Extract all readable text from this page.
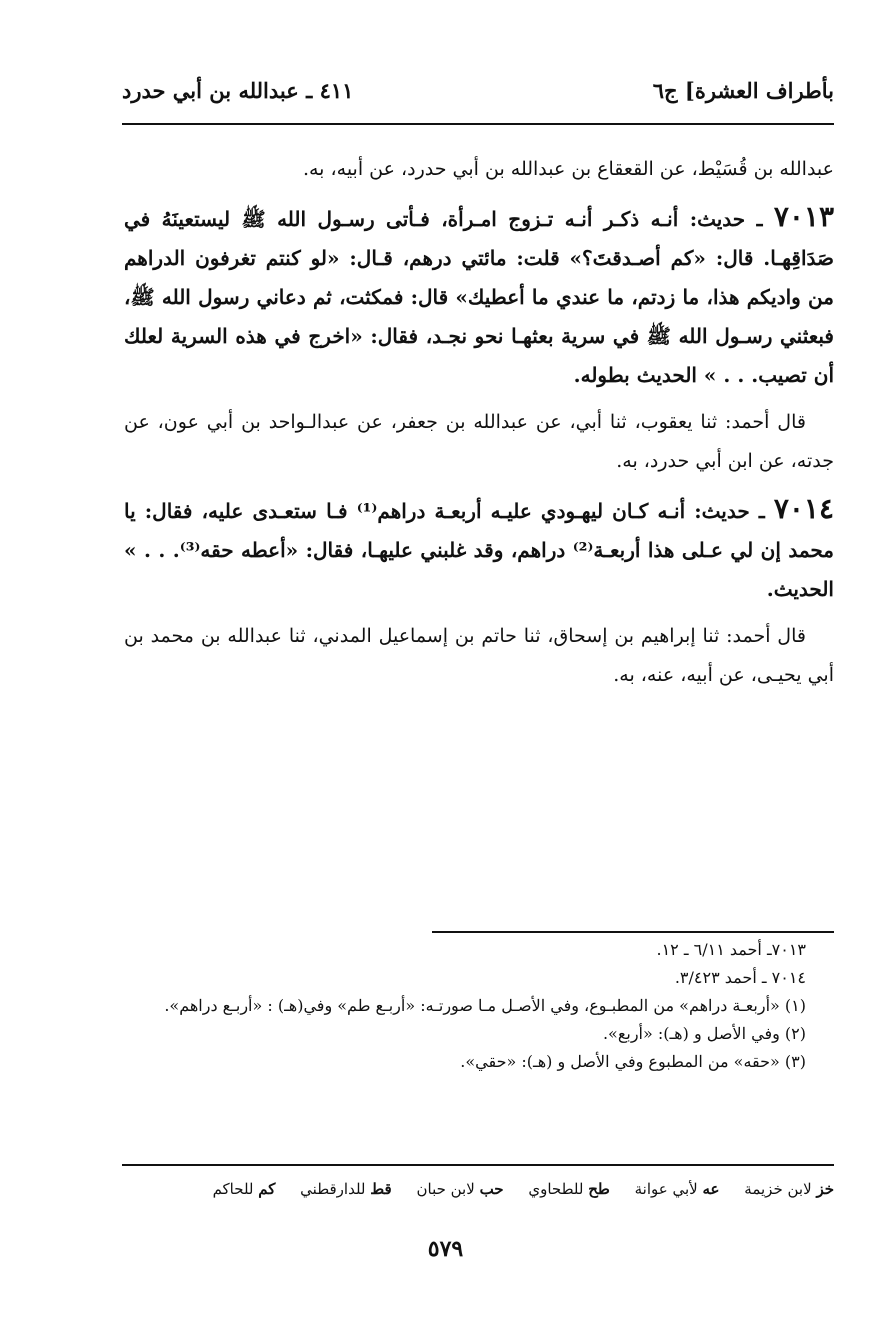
بأطراف العشرة] ج٦
٤١١ ـ عبدالله بن أبي حدرد

عبدالله بن قُسَيْط، عن القعقاع بن عبدالله بن أبي حدرد، عن أبيه، به.

٧٠١٣ ـ حديث: أنـه ذكـر أنـه تـزوج امـرأة، فـأتى رسـول الله ﷺ ليستعينَهُ في صَدَاقِهـا. قال: «كم أصـدقتَ؟» قلت: مائتي درهم، قـال: «لو كنتم تغرفون الدراهم من واديكم هذا، ما زدتم، ما عندي ما أعطيك» قال: فمكثت، ثم دعاني رسول الله ﷺ، فبعثني رسـول الله ﷺ في سرية بعثهـا نحو نجـد، فقال: «اخرج في هذه السرية لعلك أن تصيب. . . » الحديث بطوله.

قال أحمد: ثنا يعقوب، ثنا أبي، عن عبدالله بن جعفر، عن عبدالـواحد بن أبي عون، عن جدته، عن ابن أبي حدرد، به.

٧٠١٤ ـ حديث: أنـه كـان ليهـودي عليـه أربعـة دراهم⁽¹⁾ فـا ستعـدى عليه، فقال: يا محمد إن لي عـلى هذا أربعـة⁽²⁾ دراهم، وقد غلبني عليهـا، فقال: «أعطه حقه⁽³⁾. . . » الحديث.

قال أحمد: ثنا إبراهيم بن إسحاق، ثنا حاتم بن إسماعيل المدني، ثنا عبدالله بن محمد بن أبي يحيـى، عن أبيه، عنه، به.

٧٠١٣ـ أحمد ٦/١١ ـ ١٢.

٧٠١٤ ـ أحمد ٣/٤٢٣.

(١) «أربعـة دراهم» من المطبـوع، وفي الأصـل مـا صورتـه: «أربـع طم» وفي(هـ) : «أربـع دراهم».

(٢) وفي الأصل و (هـ): «أربع».

(٣) «حقه» من المطبوع وفي الأصل و (هـ): «حقي».

خز لابن خزيمة عه لأبي عوانة طح للطحاوي حب لابن حبان قط للدارقطني كم للحاكم
٥٧٩
